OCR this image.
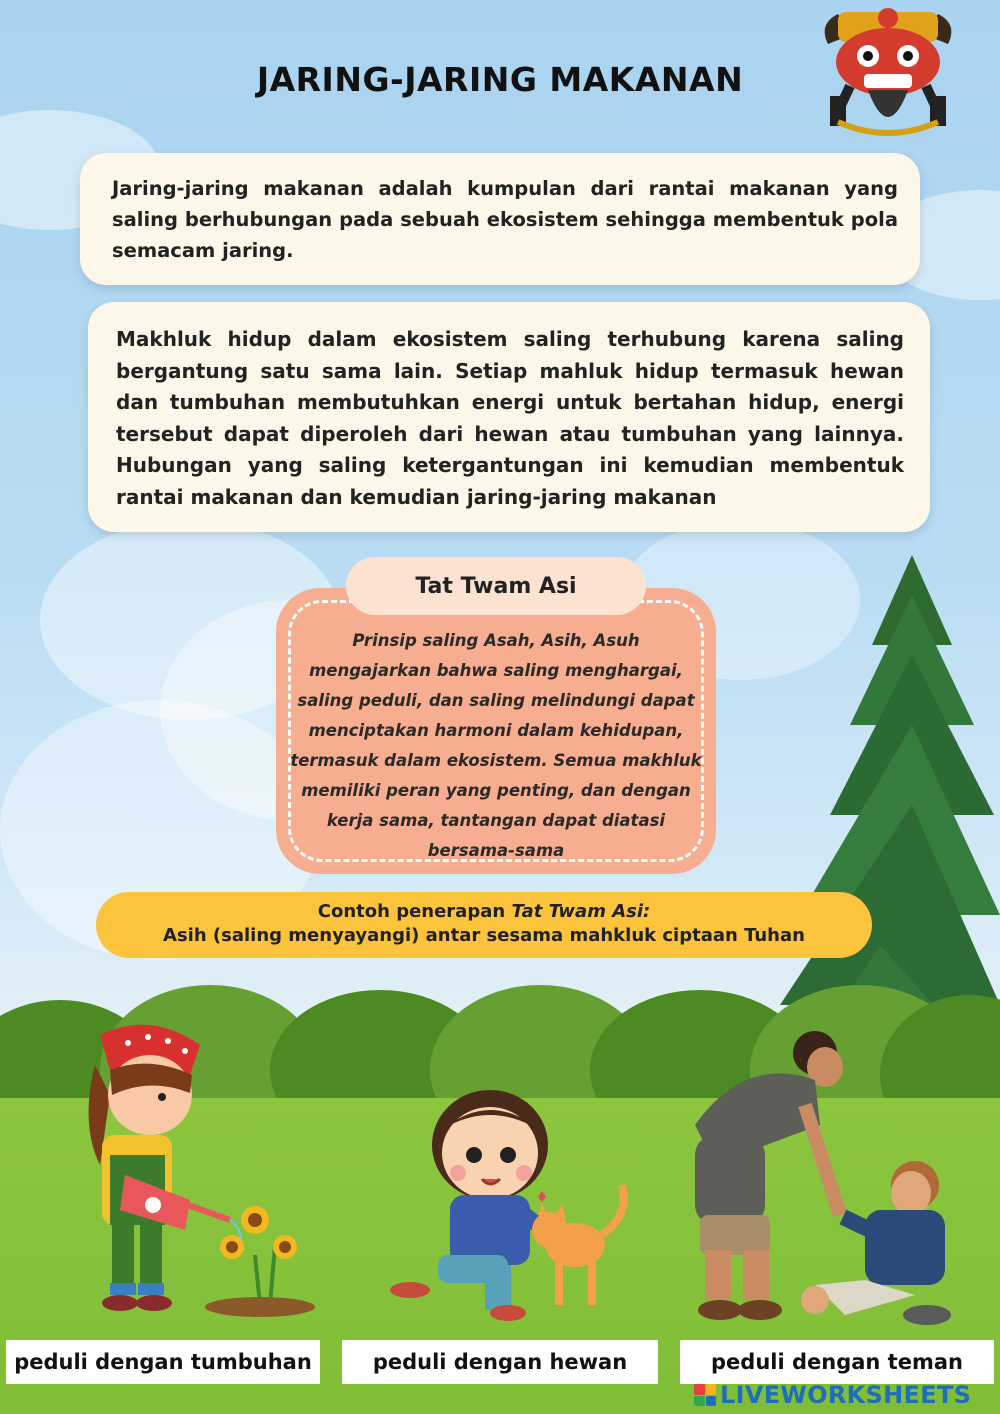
JARING-JARING MAKANAN

Jaring-jaring makanan adalah kumpulan dari rantai makanan yang saling berhubungan pada sebuah ekosistem sehingga membentuk pola semacam jaring.

Makhluk hidup dalam ekosistem saling terhubung karena saling bergantung satu sama lain. Setiap mahluk hidup termasuk hewan dan tumbuhan membutuhkan energi untuk bertahan hidup, energi tersebut dapat diperoleh dari hewan atau tumbuhan yang lainnya. Hubungan yang saling ketergantungan ini kemudian membentuk rantai makanan dan kemudian jaring-jaring makanan

Tat Twam Asi
Prinsip saling Asah, Asih, Asuh mengajarkan bahwa saling menghargai, saling peduli, dan saling melindungi dapat menciptakan harmoni dalam kehidupan, termasuk dalam ekosistem. Semua makhluk memiliki peran yang penting, dan dengan kerja sama, tantangan dapat diatasi bersama-sama
Contoh penerapan Tat Twam Asi:
Asih (saling menyayangi) antar sesama mahkluk ciptaan Tuhan
peduli dengan tumbuhan	peduli dengan hewan	peduli dengan teman
LIVEWORKSHEETS
